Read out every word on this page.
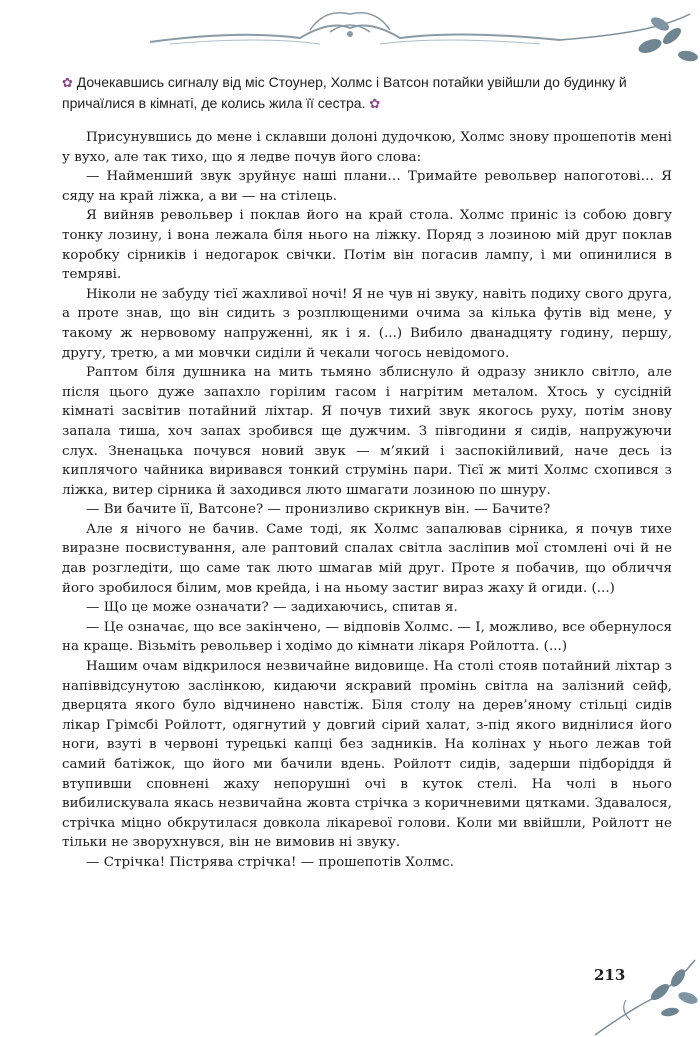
✿ Дочекавшись сигналу від міс Стоунер, Холмс і Ватсон потайки увійшли до будинку й причаїлися в кімнаті, де колись жила її сестра. ✿

Присунувшись до мене і склавши долоні дудочкою, Холмс знову прошепотів мені у вухо, але так тихо, що я ледве почув його слова:

— Найменший звук зруйнує наші плани… Тримайте револьвер напоготові… Я сяду на край ліжка, а ви — на стілець.

Я вийняв револьвер і поклав його на край стола. Холмс приніс із собою довгу тонку лозину, і вона лежала біля нього на ліжку. Поряд з лозиною мій друг поклав коробку сірників і недогарок свічки. Потім він погасив лампу, і ми опинилися в темряві.

Ніколи не забуду тієї жахливої ночі! Я не чув ні звуку, навіть подиху свого друга, а проте знав, що він сидить з розплющеними очима за кілька футів від мене, у такому ж нервовому напруженні, як і я. (...) Вибило дванадцяту годину, першу, другу, третю, а ми мовчки сиділи й чекали чогось невідомого.

Раптом біля душника на мить тьмяно зблиснуло й одразу зникло світло, але після цього дуже запахло горілим гасом і нагрітим металом. Хтось у сусідній кімнаті засвітив потайний ліхтар. Я почув тихий звук якогось руху, потім знову запала тиша, хоч запах зробився ще дужчим. З півгодини я сидів, напружуючи слух. Зненацька почувся новий звук — м’який і заспокійливий, наче десь із киплячого чайника виривався тонкий струмінь пари. Тієї ж миті Холмс схопився з ліжка, витер сірника й заходився люто шмагати лозиною по шнуру.

— Ви бачите її, Ватсоне? — пронизливо скрикнув він. — Бачите?

Але я нічого не бачив. Саме тоді, як Холмс запалював сірника, я почув тихе виразне посвистування, але раптовий спалах світла засліпив мої стомлені очі й не дав розгледіти, що саме так люто шмагав мій друг. Проте я побачив, що обличчя його зробилося білим, мов крейда, і на ньому застиг вираз жаху й огиди. (...)

— Що це може означати? — задихаючись, спитав я.

— Це означає, що все закінчено, — відповів Холмс. — І, можливо, все обернулося на краще. Візьміть револьвер і ходімо до кімнати лікаря Ройлотта. (...)

Нашим очам відкрилося незвичайне видовище. На столі стояв потайний ліхтар з напіввідсунутою заслінкою, кидаючи яскравий промінь світла на залізний сейф, дверцята якого було відчинено навстіж. Біля столу на дерев’яному стільці сидів лікар Грімсбі Ройлотт, одягнутий у довгий сірий халат, з-під якого виднілися його ноги, взуті в червоні турецькі капці без задників. На колінах у нього лежав той самий батіжок, що його ми бачили вдень. Ройлотт сидів, задерши підборіддя й втупивши сповнені жаху непорушні очі в куток стелі. На чолі в нього вибилискувала якась незвичайна жовта стрічка з коричневими цятками. Здавалося, стрічка міцно обкрутилася довкола лікаревої голови. Коли ми ввійшли, Ройлотт не тільки не зворухнувся, він не вимовив ні звуку.

— Стрічка! Пістрява стрічка! — прошепотів Холмс.

213
